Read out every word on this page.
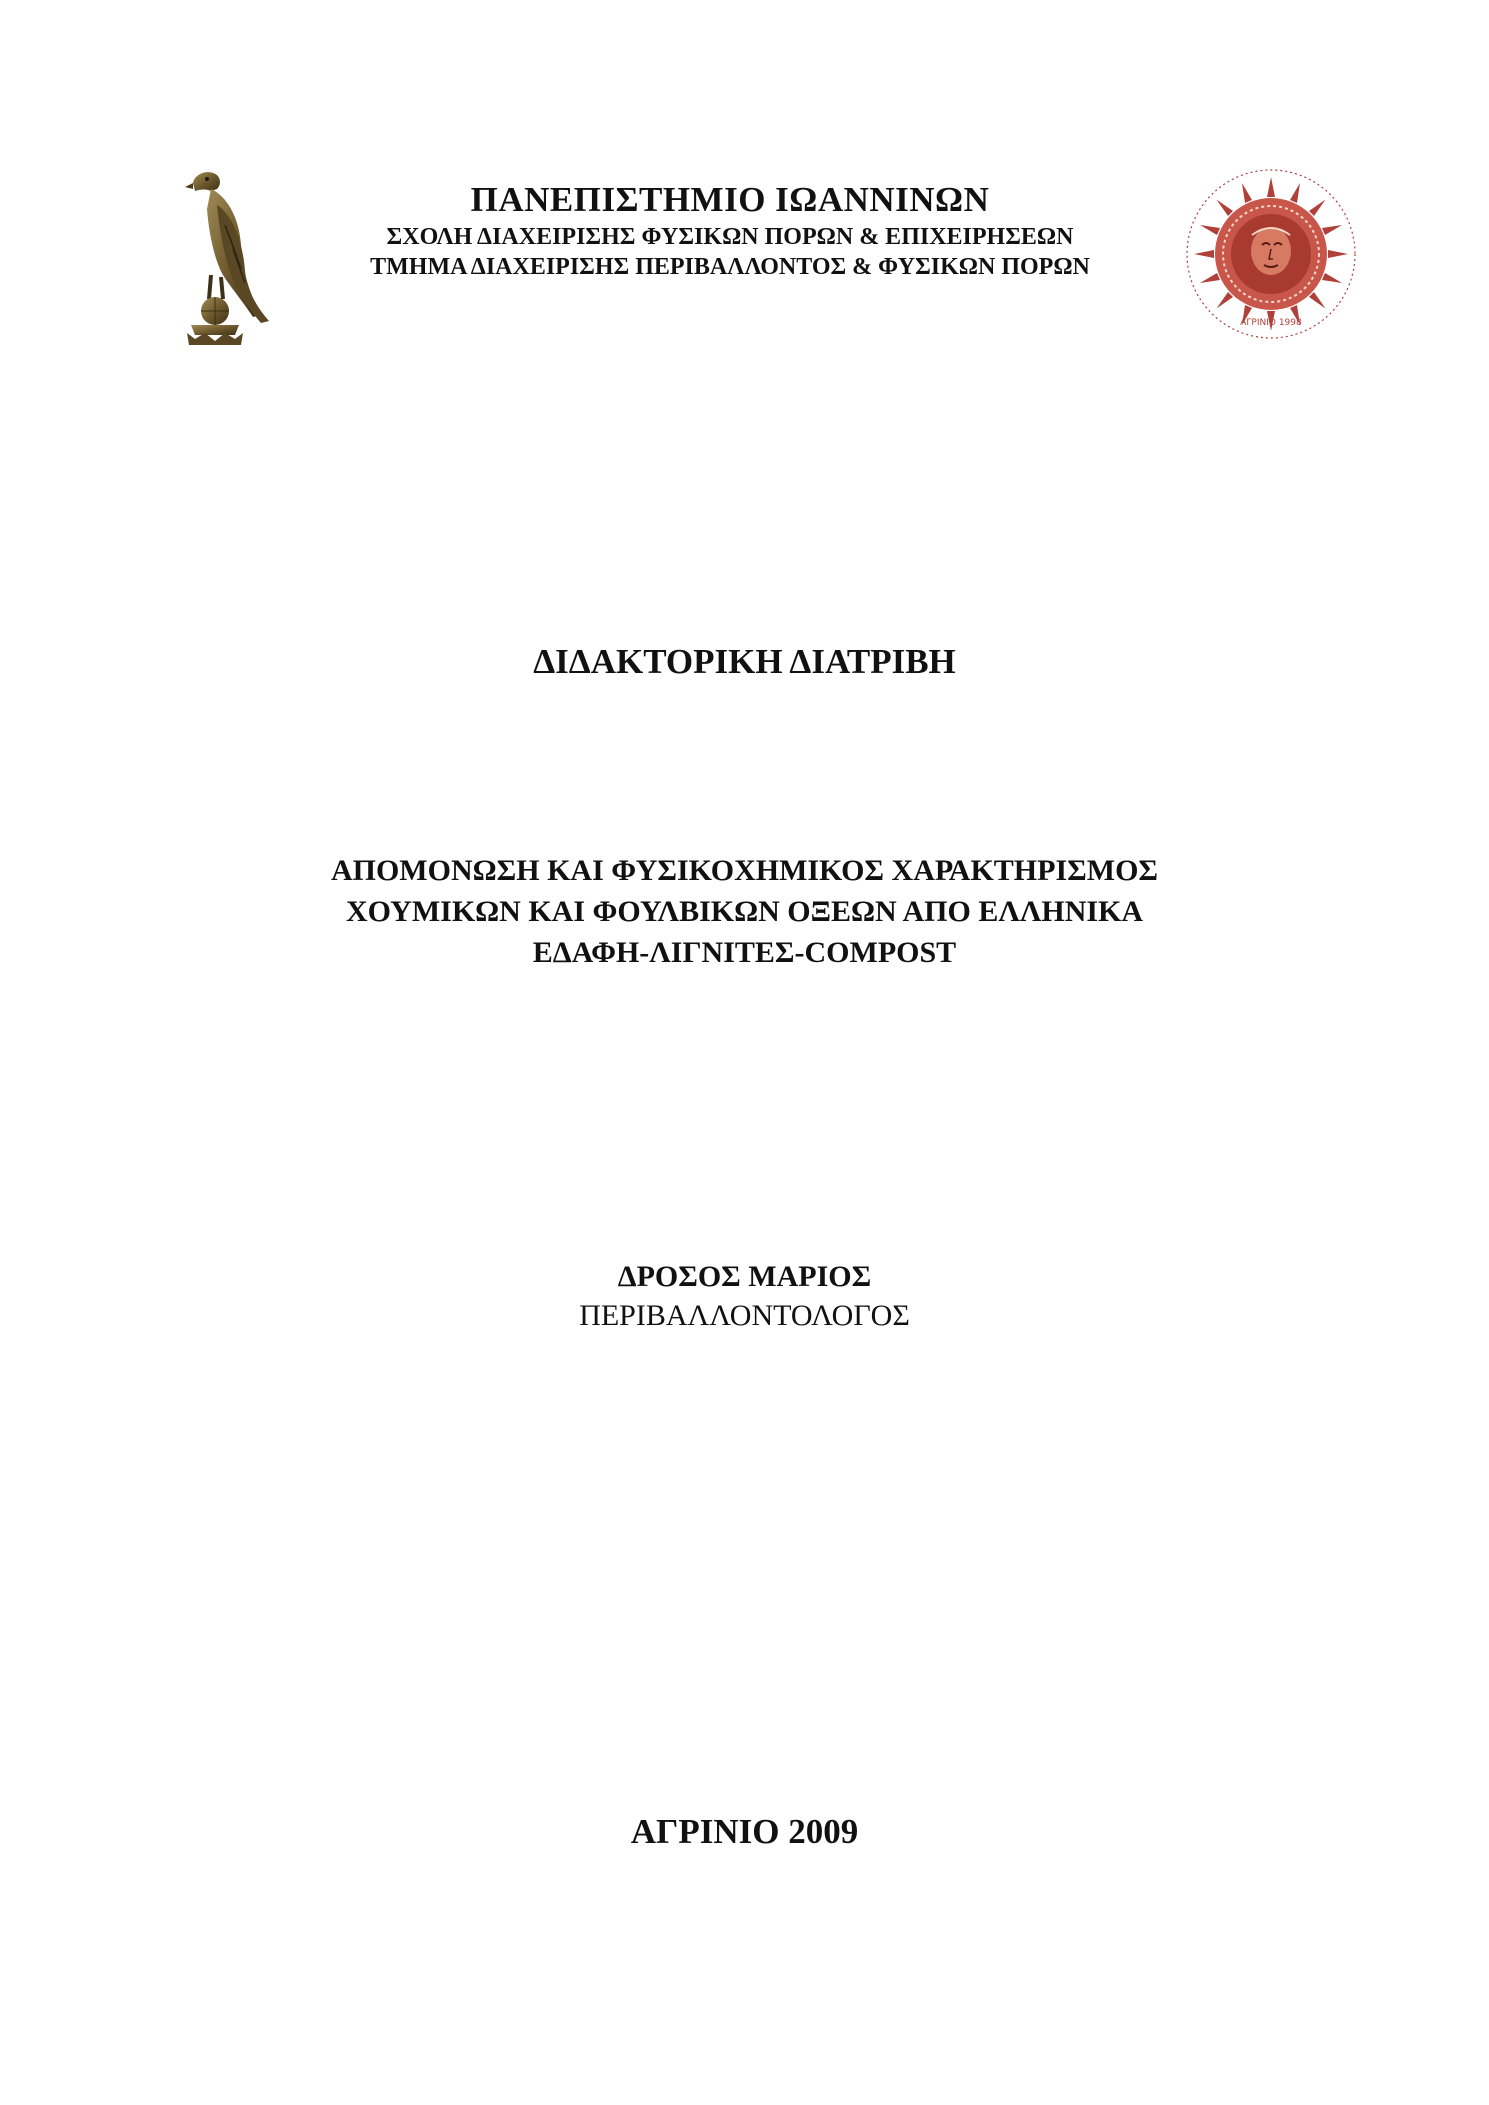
ΠΑΝΕΠΙΣΤΗΜΙΟ ΙΩΑΝΝΙΝΩΝ
ΣΧΟΛΗ ΔΙΑΧΕΙΡΙΣΗΣ ΦΥΣΙΚΩΝ ΠΟΡΩΝ & ΕΠΙΧΕΙΡΗΣΕΩΝ
ΤΜΗΜΑ ΔΙΑΧΕΙΡΙΣΗΣ ΠΕΡΙΒΑΛΛΟΝΤΟΣ & ΦΥΣΙΚΩΝ ΠΟΡΩΝ
ΑΓΡΙΝΙΟ 1998
ΔΙΔΑΚΤΟΡΙΚΗ ΔΙΑΤΡΙΒΗ
ΑΠΟΜΟΝΩΣΗ ΚΑΙ ΦΥΣΙΚΟΧΗΜΙΚΟΣ ΧΑΡΑΚΤΗΡΙΣΜΟΣ
ΧΟΥΜΙΚΩΝ ΚΑΙ ΦΟΥΛΒΙΚΩΝ ΟΞΕΩΝ ΑΠΟ ΕΛΛΗΝΙΚΑ
ΕΔΑΦΗ-ΛΙΓΝΙΤΕΣ-COMPOST
ΔΡΟΣΟΣ ΜΑΡΙΟΣ
ΠΕΡΙΒΑΛΛΟΝΤΟΛΟΓΟΣ
ΑΓΡΙΝΙΟ 2009
